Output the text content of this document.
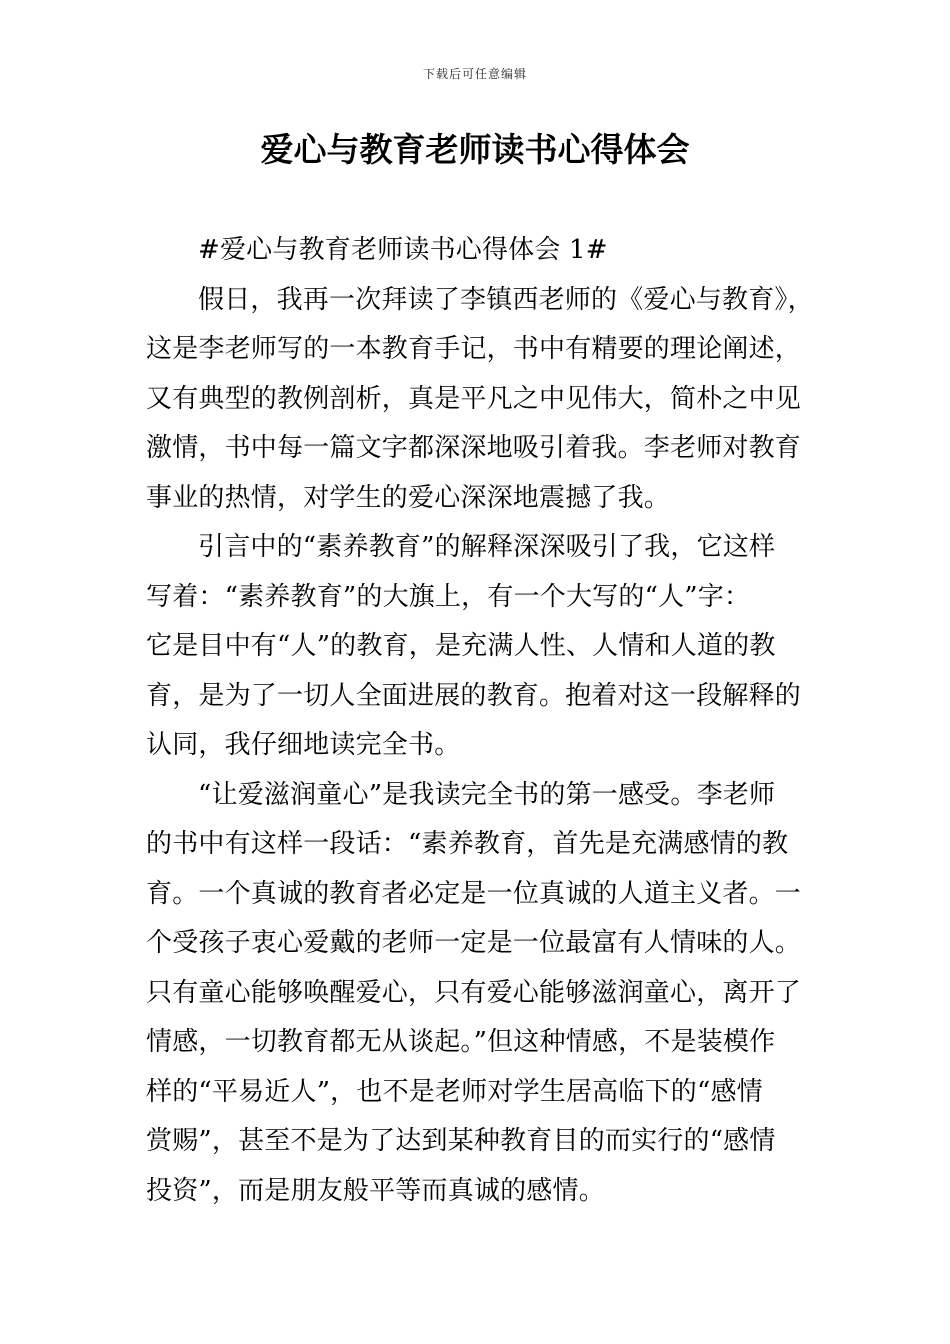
下载后可任意编辑
爱心与教育老师读书心得体会
#爱心与教育老师读书心得体会 1#
假日，我再一次拜读了李镇西老师的《爱心与教育》，
这是李老师写的一本教育手记，书中有精要的理论阐述，
又有典型的教例剖析，真是平凡之中见伟大，简朴之中见
激情，书中每一篇文字都深深地吸引着我。李老师对教育
事业的热情，对学生的爱心深深地震撼了我。
引言中的“素养教育”的解释深深吸引了我，它这样
写着：“素养教育”的大旗上，有一个大写的“人”字：
它是目中有“人”的教育，是充满人性、人情和人道的教
育，是为了一切人全面进展的教育。抱着对这一段解释的
认同，我仔细地读完全书。
“让爱滋润童心”是我读完全书的第一感受。李老师
的书中有这样一段话：“素养教育，首先是充满感情的教
育。一个真诚的教育者必定是一位真诚的人道主义者。一
个受孩子衷心爱戴的老师一定是一位最富有人情味的人。
只有童心能够唤醒爱心，只有爱心能够滋润童心，离开了
情感，一切教育都无从谈起。”但这种情感，不是装模作
样的“平易近人”，也不是老师对学生居高临下的“感情
赏赐”，甚至不是为了达到某种教育目的而实行的“感情
投资”，而是朋友般平等而真诚的感情。
